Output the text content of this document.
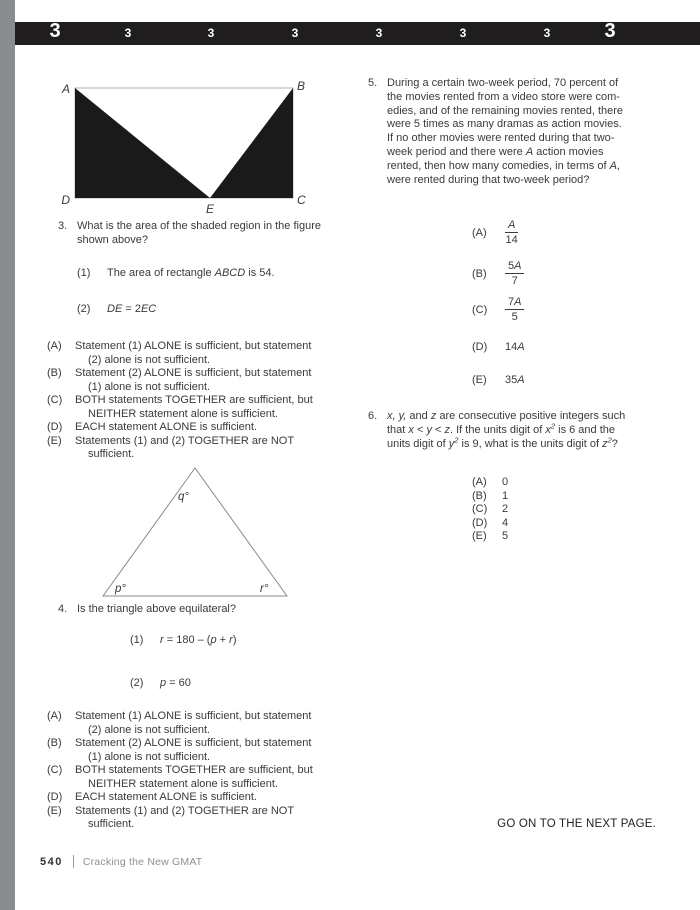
3	3	3	3	3	3	3	3
A	B
D	C
E
3. What is the area of the shaded region in the figure
shown above?
(1)	The area of rectangle ABCD is 54.
(2)	DE = 2EC
(A)	Statement (1) ALONE is sufficient, but statement
(2) alone is not sufficient.
(B)	Statement (2) ALONE is sufficient, but statement
(1) alone is not sufficient.
(C)	BOTH statements TOGETHER are sufficient, but
NEITHER statement alone is sufficient.
(D)	EACH statement ALONE is sufficient.
(E)	Statements (1) and (2) TOGETHER are NOT
sufficient.
q°
p°	r°
4. Is the triangle above equilateral?
(1)	r = 180 – (p + r)
(2)	p = 60
(A)	Statement (1) ALONE is sufficient, but statement
(2) alone is not sufficient.
(B)	Statement (2) ALONE is sufficient, but statement
(1) alone is not sufficient.
(C)	BOTH statements TOGETHER are sufficient, but
NEITHER statement alone is sufficient.
(D)	EACH statement ALONE is sufficient.
(E)	Statements (1) and (2) TOGETHER are NOT
sufficient.
5. During a certain two-week period, 70 percent of
the movies rented from a video store were com-
edies, and of the remaining movies rented, there
were 5 times as many dramas as action movies.
If no other movies were rented during that two-
week period and there were A action movies
rented, then how many comedies, in terms of A,
were rented during that two-week period?
(A)	$\frac{A}{14}$
(B)	$\frac{5A}{7}$
(C)	$\frac{7A}{5}$
(D)	14A
(E)	35A
6. x, y, and z are consecutive positive integers such
that x < y < z. If the units digit of $x^2$ is 6 and the
units digit of $y^2$ is 9, what is the units digit of $z^2$?
(A)	0
(B)	1
(C)	2
(D)	4
(E)	5
GO ON TO THE NEXT PAGE.
540 Cracking the New GMAT
